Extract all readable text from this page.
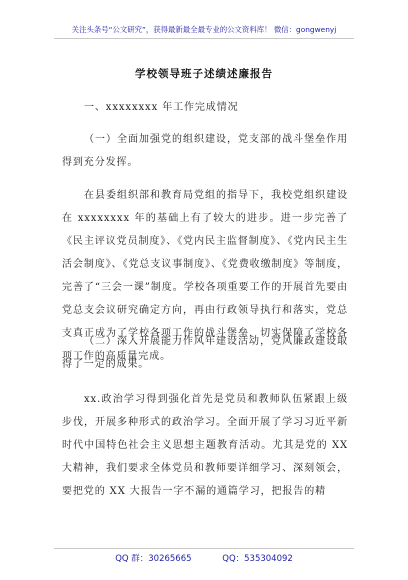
关注头条号“公文研究”，获得最新最全最专业的公文资料库！ 微信：gongwenyj
学校领导班子述绩述廉报告

一、xxxxxxxx 年工作完成情况

（一）全面加强党的组织建设，党支部的战斗堡垒作用得到充分发挥。

在县委组织部和教育局党组的指导下，我校党组织建设在 xxxxxxxx 年的基础上有了较大的进步。进一步完善了《民主评议党员制度》、《党内民主监督制度》、《党内民主生活会制度》、《党总支议事制度》、《党费收缴制度》等制度，完善了“三会一课”制度。学校各项重要工作的开展首先要由党总支会议研究确定方向，再由行政领导执行和落实，党总支真正成为了学校各项工作的战斗堡垒，切实保障了学校各项工作的高质量完成。

（二）深入开展能力作风年建设活动，党风廉政建设取得了一定的成果。

xx.政治学习得到强化首先是党员和教师队伍紧跟上级步伐，开展多种形式的政治学习。全面开展了学习习近平新时代中国特色社会主义思想主题教育活动。尤其是党的 XX 大精神，我们要求全体党员和教师要详细学习、深刻领会，要把党的 XX 大报告一字不漏的通篇学习，把报告的精

QQ 群：30265665	QQ：535304092
